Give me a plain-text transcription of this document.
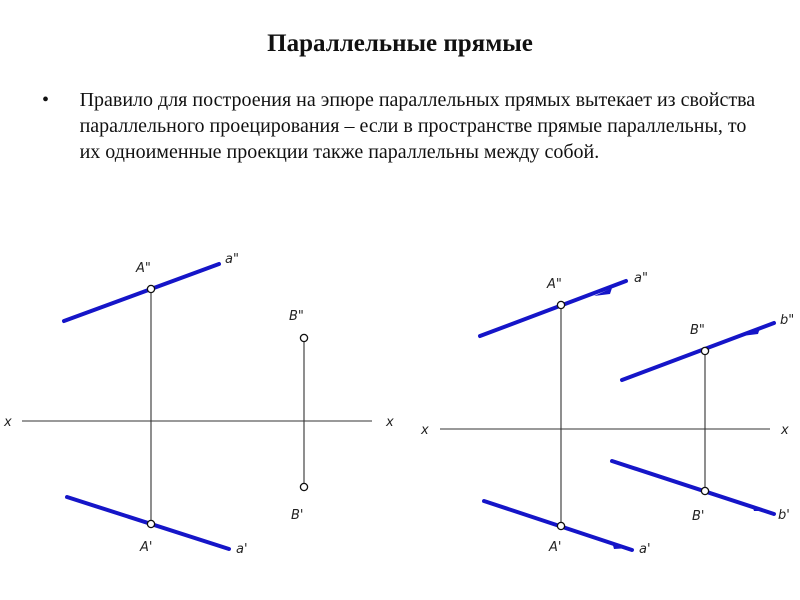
Параллельные прямые
•	Правило для построения на эпюре параллельных прямых вытекает из свойства параллельного проецирования – если в пространстве прямые параллельны, то их одноименные проекции также параллельны между собой.
x	x
A"
a"
A'	a'
B"
B'
x	x
A"	a"
B"
b"
B'	b'
A'	a'
